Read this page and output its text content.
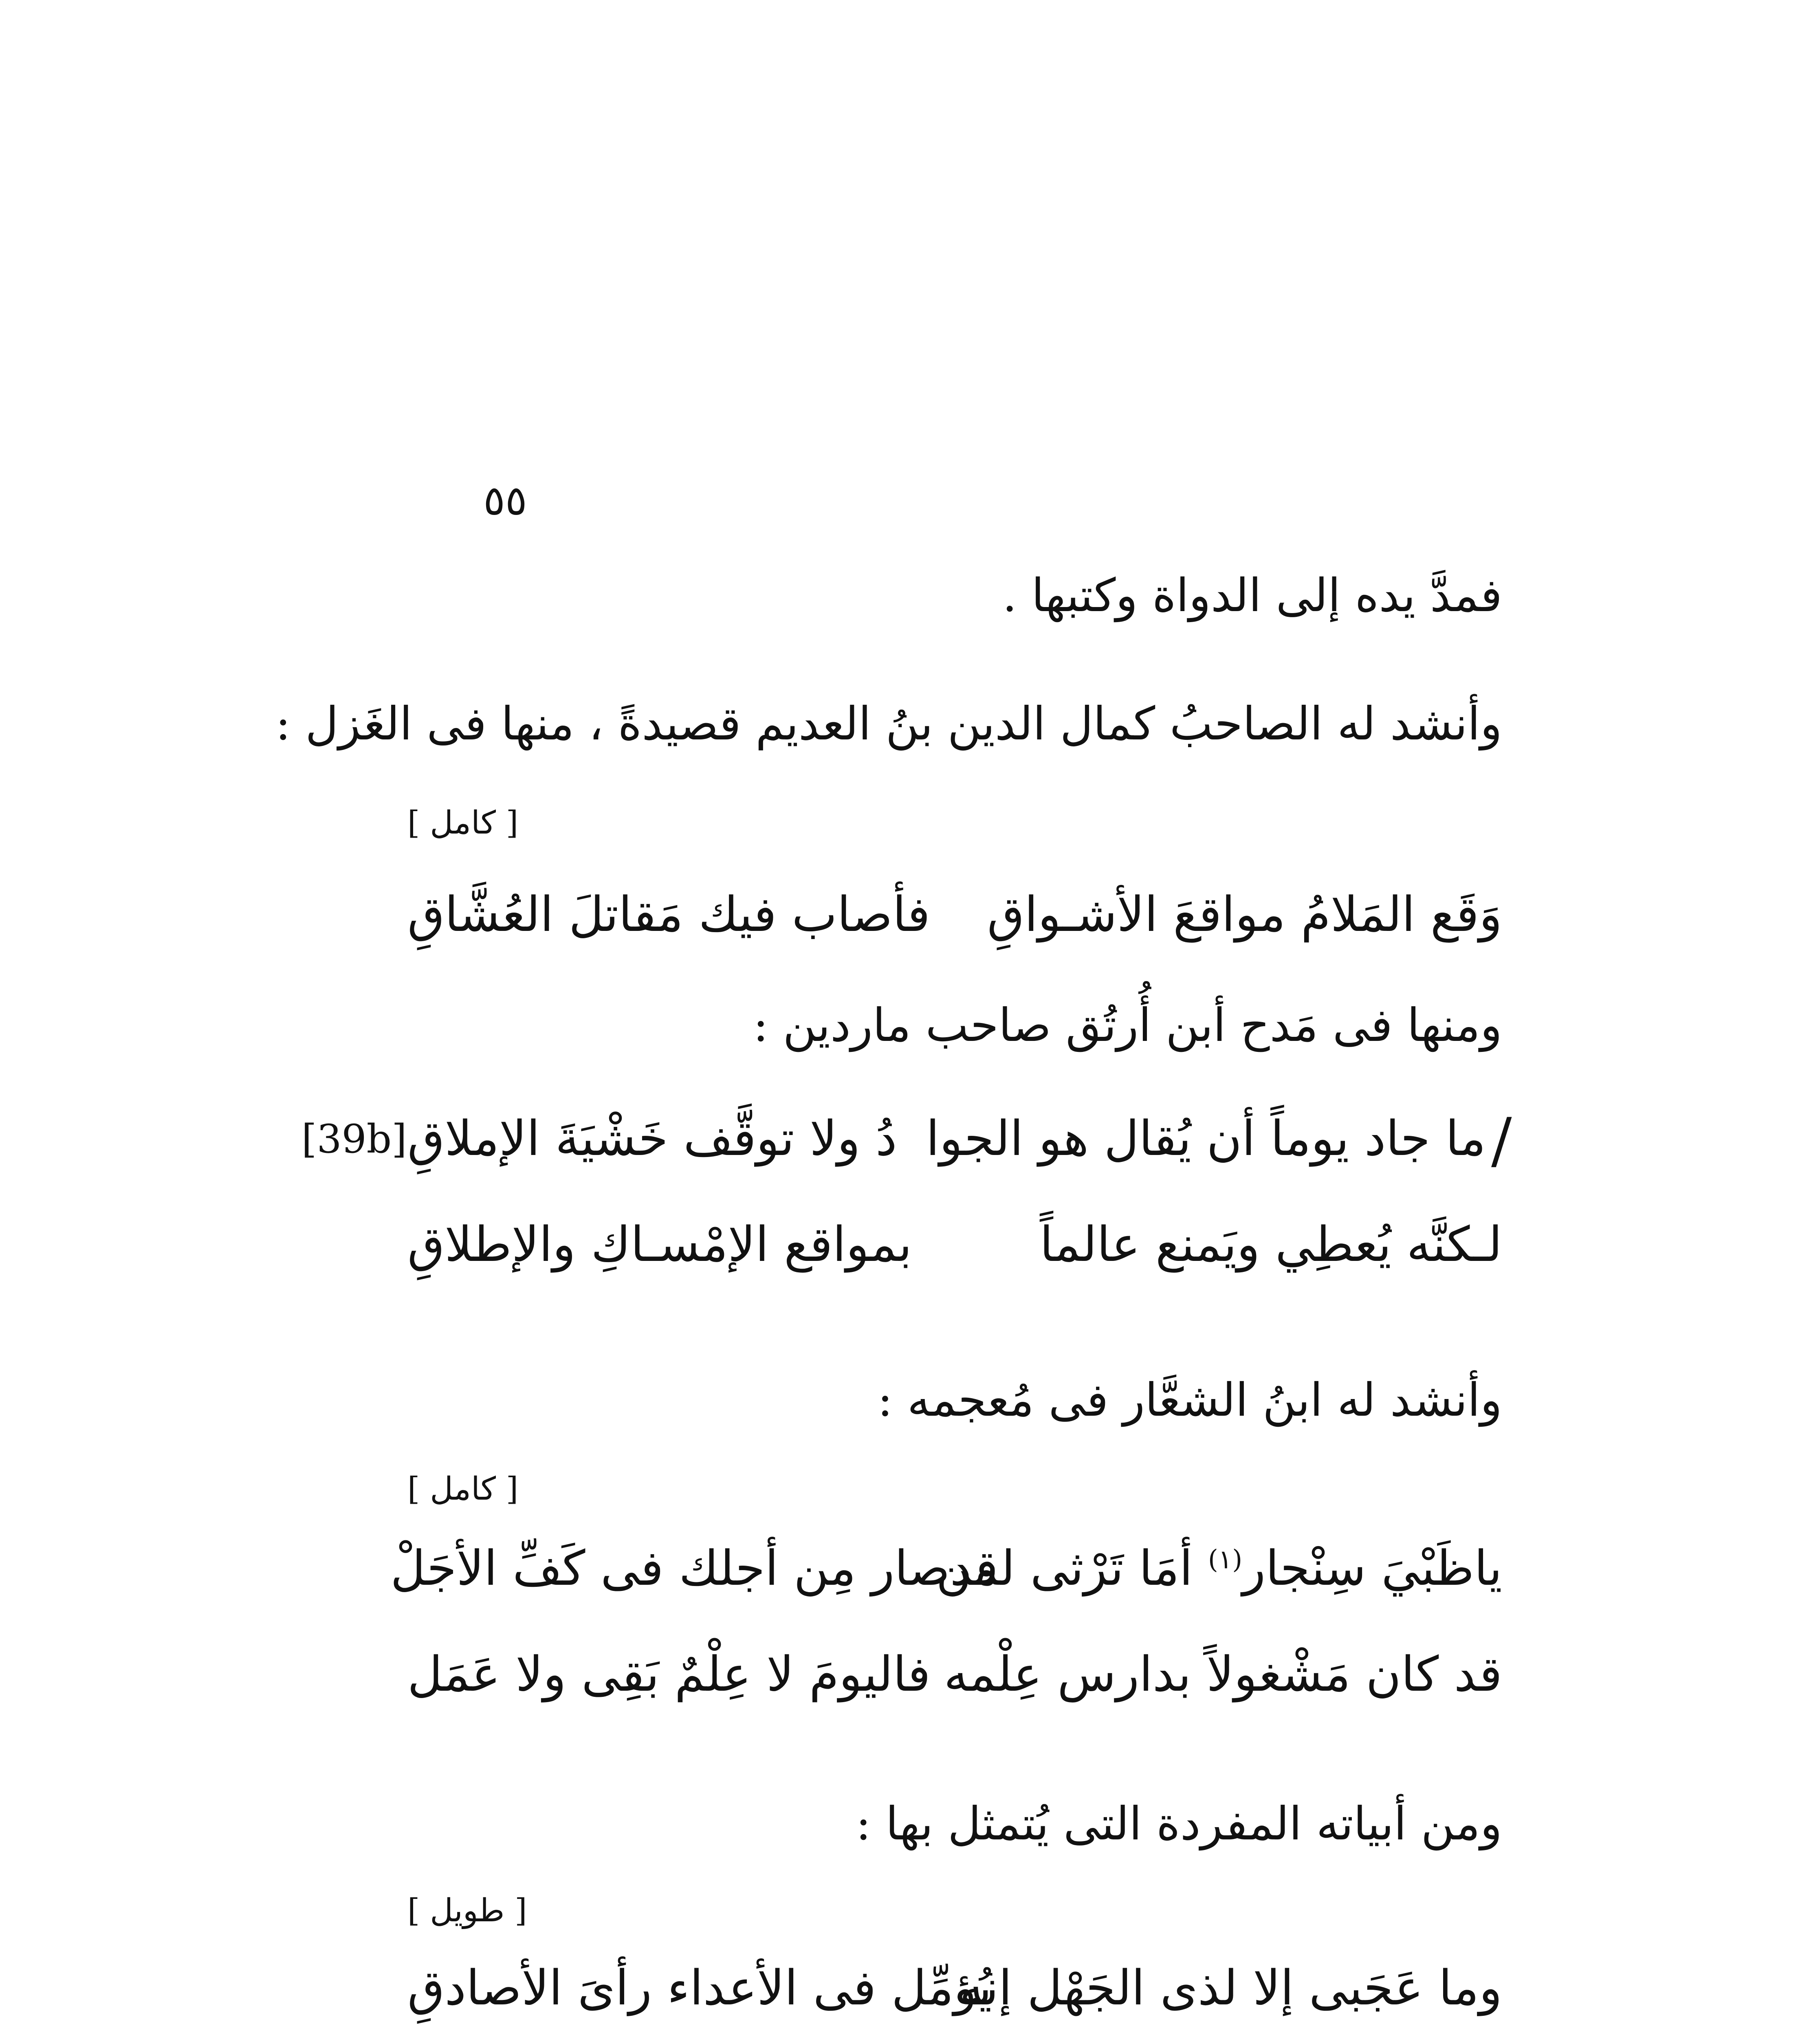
٥٥
فمدَّ يده إلى الدواة وكتبها .
وأنشد له الصاحبُ كمال الدين بنُ العديم قصيدةً ، منها فى الغَزل :
[ كامل ]
وَقَع المَلامُ مواقعَ الأشـواقِ
فأصاب فيك مَقاتلَ العُشَّاقِ
ومنها فى مَدح أبن أُرتُق صاحب ماردين :
/
ما جاد يوماً أن يُقال هو الجوا
دُ ولا توقَّف خَشْيَةَ الإملاقِ
[39b]
لـكنَّه يُعطِي ويَمنع عالماً
بمواقع الإمْسـاكِ والإطلاقِ
وأنشد له ابنُ الشعَّار فى مُعجمه :
[ كامل ]
ياظَبْيَ سِنْجار$^{(١)}$ أمَا تَرْثى لمن
قدصار مِن أجلك فى كَفِّ الأجَلْ
قد كان مَشْغولاً بدارس عِلْمه
فاليومَ لا عِلْمٌ بَقِى ولا عَمَل
ومن أبياته المفردة التى يُتمثل بها :
[ طويل ]
وما عَجَبى إلا لذى الجَهْل إنه
يُؤمِّل فى الأعداء رأىَ الأصادقِ
